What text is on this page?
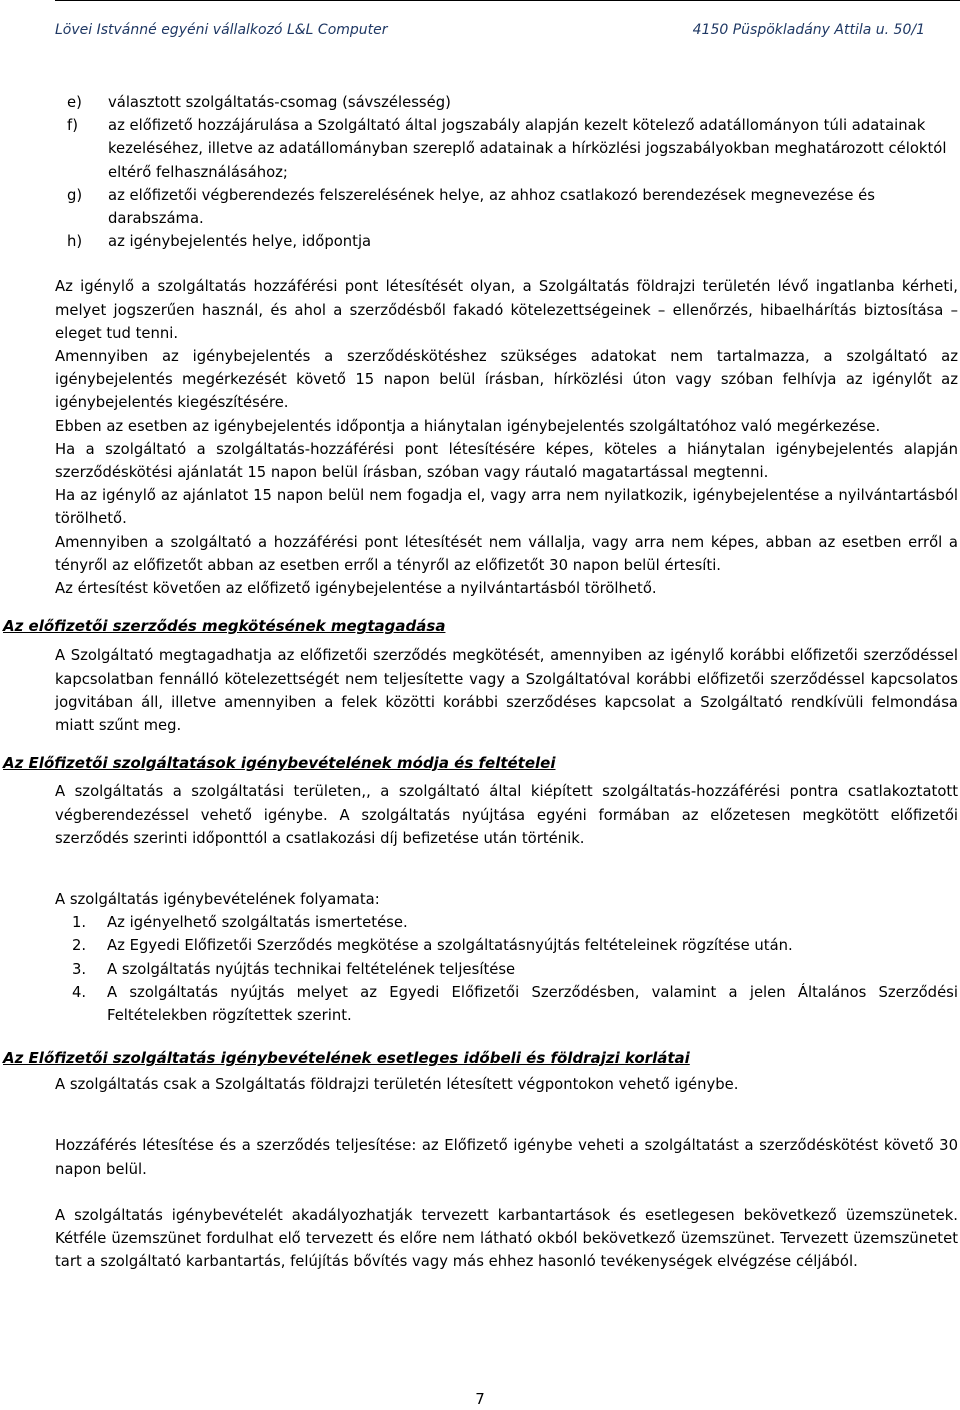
Lövei Istvánné egyéni vállalkozó L&L Computer	4150 Püspökladány Attila u. 50/1
e) választott szolgáltatás-csomag (sávszélesség)
f) az előfizető hozzájárulása a Szolgáltató által jogszabály alapján kezelt kötelező adatállományon túli adatainak kezeléséhez, illetve az adatállományban szereplő adatainak a hírközlési jogszabályokban meghatározott céloktól eltérő felhasználásához;
g) az előfizetői végberendezés felszerelésének helye, az ahhoz csatlakozó berendezések megnevezése és darabszáma.
h) az igénybejelentés helye, időpontja

Az igénylő a szolgáltatás hozzáférési pont létesítését olyan, a Szolgáltatás földrajzi területén lévő ingatlanba kérheti, melyet jogszerűen használ, és ahol a szerződésből fakadó kötelezettségeinek – ellenőrzés, hibaelhárítás biztosítása – eleget tud tenni.

Amennyiben az igénybejelentés a szerződéskötéshez szükséges adatokat nem tartalmazza, a szolgáltató az igénybejelentés megérkezését követő 15 napon belül írásban, hírközlési úton vagy szóban felhívja az igénylőt az igénybejelentés kiegészítésére.

Ebben az esetben az igénybejelentés időpontja a hiánytalan igénybejelentés szolgáltatóhoz való megérkezése.

Ha a szolgáltató a szolgáltatás-hozzáférési pont létesítésére képes, köteles a hiánytalan igénybejelentés alapján szerződéskötési ajánlatát 15 napon belül írásban, szóban vagy ráutaló magatartással megtenni.

Ha az igénylő az ajánlatot 15 napon belül nem fogadja el, vagy arra nem nyilatkozik, igénybejelentése a nyilvántartásból törölhető.

Amennyiben a szolgáltató a hozzáférési pont létesítését nem vállalja, vagy arra nem képes, abban az esetben erről a tényről az előfizetőt abban az esetben erről a tényről az előfizetőt 30 napon belül értesíti.

Az értesítést követően az előfizető igénybejelentése a nyilvántartásból törölhető.

Az előfizetői szerződés megkötésének megtagadása

A Szolgáltató megtagadhatja az előfizetői szerződés megkötését, amennyiben az igénylő korábbi előfizetői szerződéssel kapcsolatban fennálló kötelezettségét nem teljesítette vagy a Szolgáltatóval korábbi előfizetői szerződéssel kapcsolatos jogvitában áll, illetve amennyiben a felek közötti korábbi szerződéses kapcsolat a Szolgáltató rendkívüli felmondása miatt szűnt meg.

Az Előfizetői szolgáltatások igénybevételének módja és feltételei

A szolgáltatás a szolgáltatási területen,, a szolgáltató által kiépített szolgáltatás-hozzáférési pontra csatlakoztatott végberendezéssel vehető igénybe. A szolgáltatás nyújtása egyéni formában az előzetesen megkötött előfizetői szerződés szerinti időponttól a csatlakozási díj befizetése után történik.

A szolgáltatás igénybevételének folyamata:

1. Az igényelhető szolgáltatás ismertetése.
2. Az Egyedi Előfizetői Szerződés megkötése a szolgáltatásnyújtás feltételeinek rögzítése után.
3. A szolgáltatás nyújtás technikai feltételének teljesítése
4. A szolgáltatás nyújtás melyet az Egyedi Előfizetői Szerződésben, valamint a jelen Általános Szerződési Feltételekben rögzítettek szerint.
Az Előfizetői szolgáltatás igénybevételének esetleges időbeli és földrajzi korlátai

A szolgáltatás csak a Szolgáltatás földrajzi területén létesített végpontokon vehető igénybe.

Hozzáférés létesítése és a szerződés teljesítése: az Előfizető igénybe veheti a szolgáltatást a szerződéskötést követő 30 napon belül.

A szolgáltatás igénybevételét akadályozhatják tervezett karbantartások és esetlegesen bekövetkező üzemszünetek. Kétféle üzemszünet fordulhat elő tervezett és előre nem látható okból bekövetkező üzemszünet. Tervezett üzemszünetet tart a szolgáltató karbantartás, felújítás bővítés vagy más ehhez hasonló tevékenységek elvégzése céljából.

7
